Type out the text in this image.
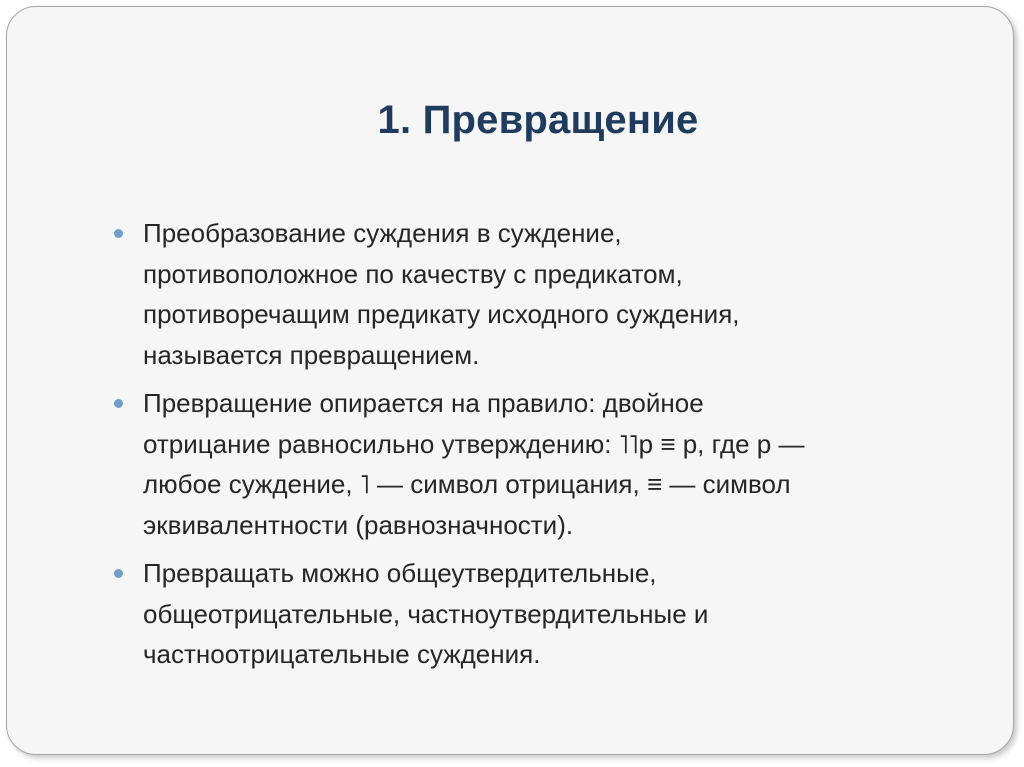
1. Превращение
Преобразование суждения в суждение,
противоположное по качеству с предикатом,
противоречащим предикату исходного суждения,
называется превращением.
Превращение опирается на правило: двойное
отрицание равносильно утверждению: ˥˥p ≡ p, где p —
любое суждение, ˥ — символ отрицания, ≡ — символ
эквивалентности (равнозначности).
Превращать можно общеутвердительные,
общеотрицательные, частноутвердительные и
частноотрицательные суждения.
